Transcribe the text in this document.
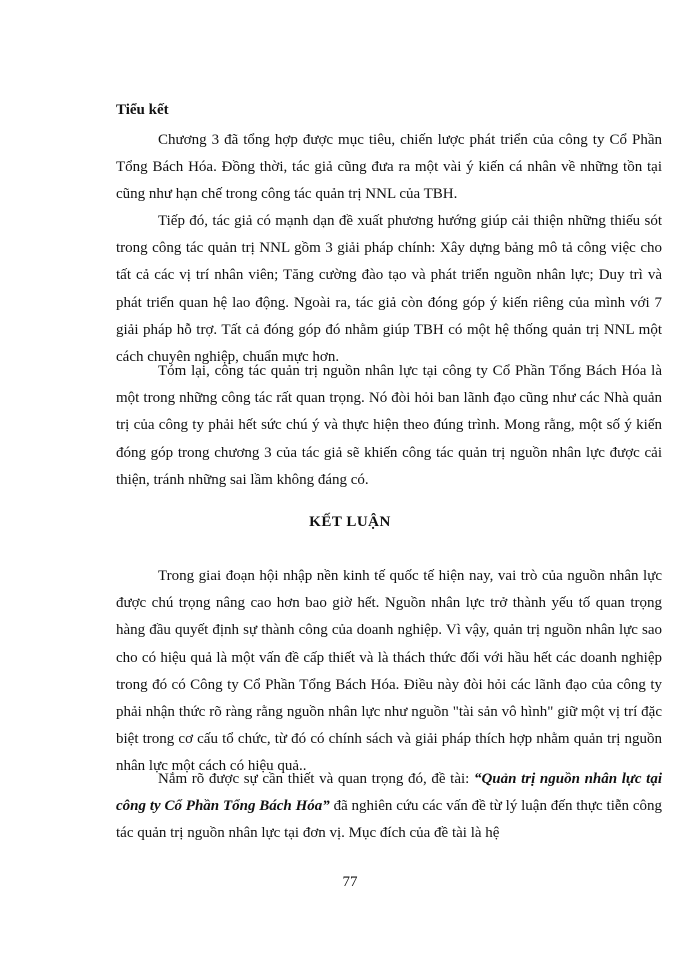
Tiểu kết

Chương 3 đã tổng hợp được mục tiêu, chiến lược phát triển của công ty Cổ Phần Tổng Bách Hóa. Đồng thời, tác giả cũng đưa ra một vài ý kiến cá nhân về những tồn tại cũng như hạn chế trong công tác quản trị NNL của TBH.

Tiếp đó, tác giả có mạnh dạn đề xuất phương hướng giúp cải thiện những thiếu sót trong công tác quản trị NNL gồm 3 giải pháp chính: Xây dựng bảng mô tả công việc cho tất cả các vị trí nhân viên; Tăng cường đào tạo và phát triển nguồn nhân lực; Duy trì và phát triển quan hệ lao động. Ngoài ra, tác giả còn đóng góp ý kiến riêng của mình với 7 giải pháp hỗ trợ. Tất cả đóng góp đó nhằm giúp TBH có một hệ thống quản trị NNL một cách chuyên nghiệp, chuẩn mực hơn.

Tóm lại, công tác quản trị nguồn nhân lực tại công ty Cổ Phần Tổng Bách Hóa là một trong những công tác rất quan trọng. Nó đòi hỏi ban lãnh đạo cũng như các Nhà quản trị của công ty phải hết sức chú ý và thực hiện theo đúng trình. Mong rằng, một số ý kiến đóng góp trong chương 3 của tác giả sẽ khiến công tác quản trị nguồn nhân lực được cải thiện, tránh những sai lầm không đáng có.

KẾT LUẬN

Trong giai đoạn hội nhập nền kinh tế quốc tế hiện nay, vai trò của nguồn nhân lực được chú trọng nâng cao hơn bao giờ hết. Nguồn nhân lực trở thành yếu tố quan trọng hàng đầu quyết định sự thành công của doanh nghiệp. Vì vậy, quản trị nguồn nhân lực sao cho có hiệu quả là một vấn đề cấp thiết và là thách thức đối với hầu hết các doanh nghiệp trong đó có Công ty Cổ Phần Tổng Bách Hóa. Điều này đòi hỏi các lãnh đạo của công ty phải nhận thức rõ ràng rằng nguồn nhân lực như nguồn "tài sản vô hình" giữ một vị trí đặc biệt trong cơ cấu tổ chức, từ đó có chính sách và giải pháp thích hợp nhằm quản trị nguồn nhân lực một cách có hiệu quả..

Nắm rõ được sự cần thiết và quan trọng đó, đề tài: “Quản trị nguồn nhân lực tại công ty Cổ Phần Tổng Bách Hóa” đã nghiên cứu các vấn đề từ lý luận đến thực tiễn công tác quản trị nguồn nhân lực tại đơn vị. Mục đích của đề tài là hệ

77
